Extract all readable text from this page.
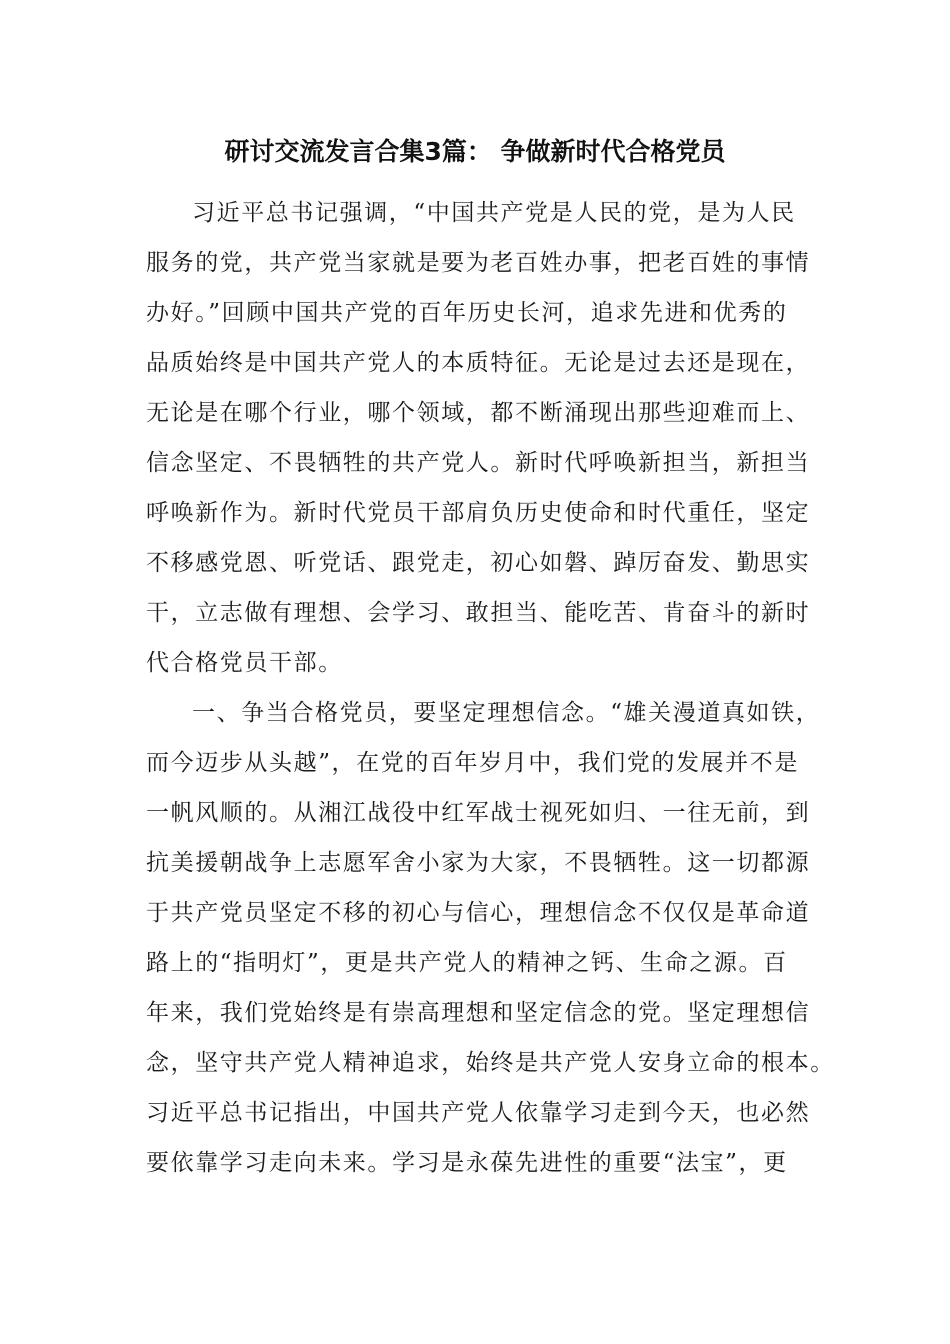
研讨交流发言合集3篇： 争做新时代合格党员
习近平总书记强调，“中国共产党是人民的党，是为人民
服务的党，共产党当家就是要为老百姓办事，把老百姓的事情
办好。”回顾中国共产党的百年历史长河，追求先进和优秀的
品质始终是中国共产党人的本质特征。无论是过去还是现在，
无论是在哪个行业，哪个领域，都不断涌现出那些迎难而上、
信念坚定、不畏牺牲的共产党人。新时代呼唤新担当，新担当
呼唤新作为。新时代党员干部肩负历史使命和时代重任，坚定
不移感党恩、听党话、跟党走，初心如磐、踔厉奋发、勤思实
干，立志做有理想、会学习、敢担当、能吃苦、肯奋斗的新时
代合格党员干部。
一、争当合格党员，要坚定理想信念。“雄关漫道真如铁，
而今迈步从头越”，在党的百年岁月中，我们党的发展并不是
一帆风顺的。从湘江战役中红军战士视死如归、一往无前，到
抗美援朝战争上志愿军舍小家为大家，不畏牺牲。这一切都源
于共产党员坚定不移的初心与信心，理想信念不仅仅是革命道
路上的“指明灯”，更是共产党人的精神之钙、生命之源。百
年来，我们党始终是有崇高理想和坚定信念的党。坚定理想信
念，坚守共产党人精神追求，始终是共产党人安身立命的根本。
习近平总书记指出，中国共产党人依靠学习走到今天，也必然
要依靠学习走向未来。学习是永葆先进性的重要“法宝”，更
